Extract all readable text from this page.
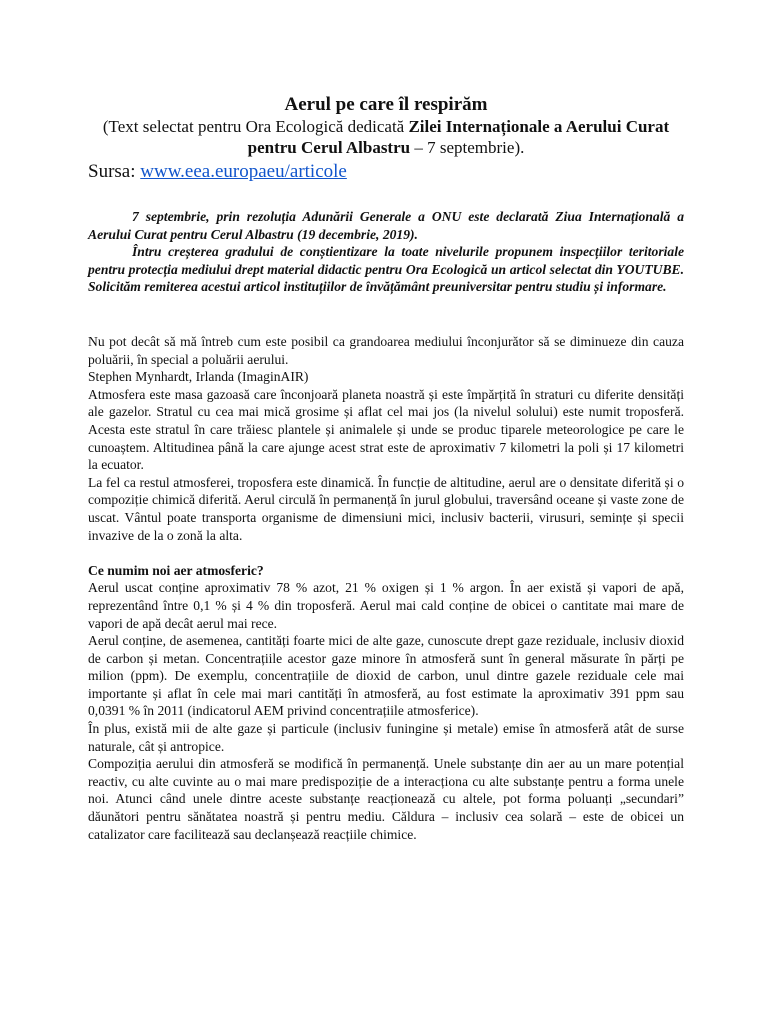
Aerul pe care îl respirăm

(Text selectat pentru Ora Ecologică dedicată Zilei Internaționale a Aerului Curat pentru Cerul Albastru – 7 septembrie).

Sursa: www.eea.europaeu/articole

7 septembrie, prin rezoluția Adunării Generale a ONU este declarată Ziua Internațională a Aerului Curat pentru Cerul Albastru (19 decembrie, 2019).

Întru creșterea gradului de conștientizare la toate nivelurile propunem inspecțiilor teritoriale pentru protecția mediului drept material didactic pentru Ora Ecologică un articol selectat din YOUTUBE. Solicităm remiterea acestui articol instituțiilor de învățământ preuniversitar pentru studiu și informare.

Nu pot decât să mă întreb cum este posibil ca grandoarea mediului înconjurător să se diminueze din cauza poluării, în special a poluării aerului.

Stephen Mynhardt, Irlanda (ImaginAIR)

Atmosfera este masa gazoasă care înconjoară planeta noastră și este împărțită în straturi cu diferite densități ale gazelor. Stratul cu cea mai mică grosime și aflat cel mai jos (la nivelul solului) este numit troposferă. Acesta este stratul în care trăiesc plantele și animalele și unde se produc tiparele meteorologice pe care le cunoaștem. Altitudinea până la care ajunge acest strat este de aproximativ 7 kilometri la poli și 17 kilometri la ecuator.

La fel ca restul atmosferei, troposfera este dinamică. În funcție de altitudine, aerul are o densitate diferită și o compoziție chimică diferită. Aerul circulă în permanență în jurul globului, traversând oceane și vaste zone de uscat. Vântul poate transporta organisme de dimensiuni mici, inclusiv bacterii, virusuri, semințe și specii invazive de la o zonă la alta.

Ce numim noi aer atmosferic?

Aerul uscat conține aproximativ 78 % azot, 21 % oxigen și 1 % argon. În aer există și vapori de apă, reprezentând între 0,1 % și 4 % din troposferă. Aerul mai cald conține de obicei o cantitate mai mare de vapori de apă decât aerul mai rece.

Aerul conține, de asemenea, cantități foarte mici de alte gaze, cunoscute drept gaze reziduale, inclusiv dioxid de carbon și metan. Concentrațiile acestor gaze minore în atmosferă sunt în general măsurate în părți pe milion (ppm). De exemplu, concentrațiile de dioxid de carbon, unul dintre gazele reziduale cele mai importante și aflat în cele mai mari cantități în atmosferă, au fost estimate la aproximativ 391 ppm sau 0,0391 % în 2011 (indicatorul AEM privind concentrațiile atmosferice).

În plus, există mii de alte gaze și particule (inclusiv funingine și metale) emise în atmosferă atât de surse naturale, cât și antropice.

Compoziția aerului din atmosferă se modifică în permanență. Unele substanțe din aer au un mare potențial reactiv, cu alte cuvinte au o mai mare predispoziție de a interacționa cu alte substanțe pentru a forma unele noi. Atunci când unele dintre aceste substanțe reacționează cu altele, pot forma poluanți „secundari” dăunători pentru sănătatea noastră și pentru mediu. Căldura – inclusiv cea solară – este de obicei un catalizator care facilitează sau declanșează reacțiile chimice.
